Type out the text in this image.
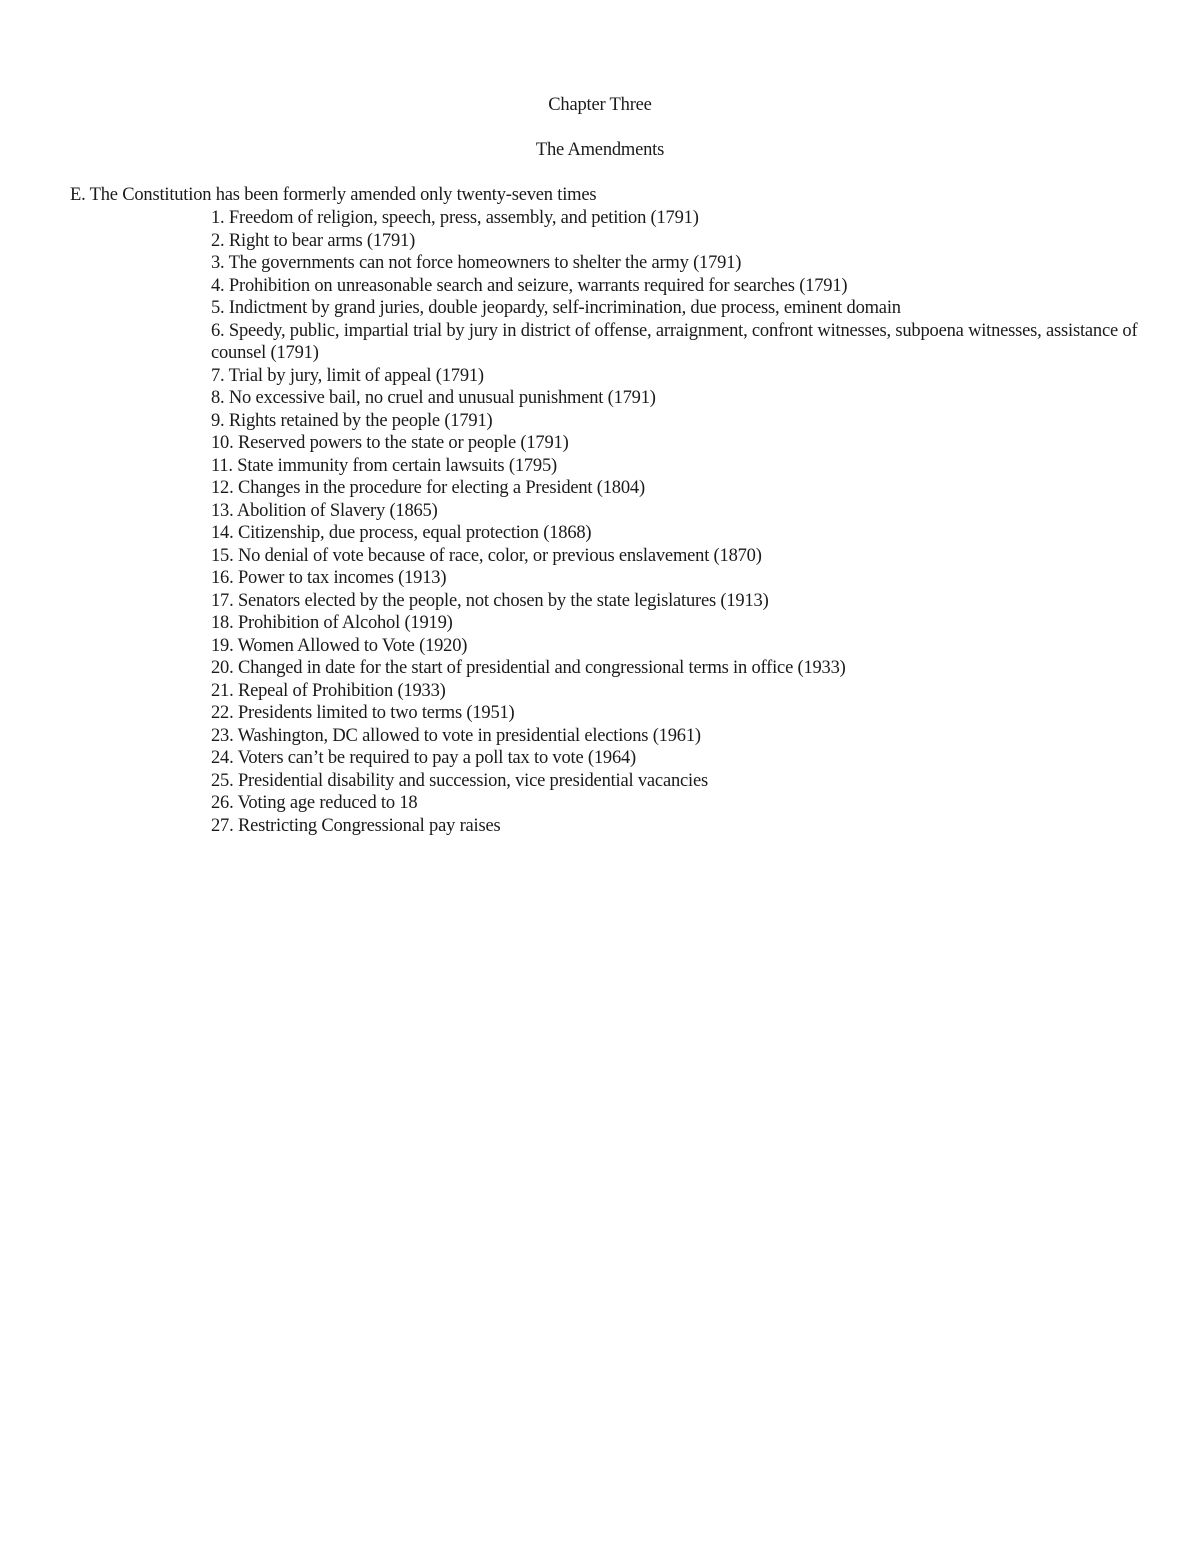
Chapter Three
The Amendments
E. The Constitution has been formerly amended only twenty-seven times
1. Freedom of religion, speech, press, assembly, and petition (1791)
2. Right to bear arms (1791)
3. The governments can not force homeowners to shelter the army (1791)
4. Prohibition on unreasonable search and seizure, warrants required for searches (1791)
5. Indictment by grand juries, double jeopardy, self-incrimination, due process, eminent domain
6. Speedy, public, impartial trial by jury in district of offense, arraignment, confront witnesses, subpoena witnesses, assistance of counsel (1791)
7. Trial by jury, limit of appeal (1791)
8. No excessive bail, no cruel and unusual punishment (1791)
9. Rights retained by the people (1791)
10. Reserved powers to the state or people (1791)
11. State immunity from certain lawsuits (1795)
12. Changes in the procedure for electing a President (1804)
13. Abolition of Slavery (1865)
14. Citizenship, due process, equal protection (1868)
15. No denial of vote because of race, color, or previous enslavement (1870)
16. Power to tax incomes (1913)
17. Senators elected by the people, not chosen by the state legislatures (1913)
18. Prohibition of Alcohol (1919)
19. Women Allowed to Vote (1920)
20. Changed in date for the start of presidential and congressional terms in office (1933)
21. Repeal of Prohibition (1933)
22. Presidents limited to two terms (1951)
23. Washington, DC allowed to vote in presidential elections (1961)
24. Voters can’t be required to pay a poll tax to vote (1964)
25. Presidential disability and succession, vice presidential vacancies
26. Voting age reduced to 18
27. Restricting Congressional pay raises
